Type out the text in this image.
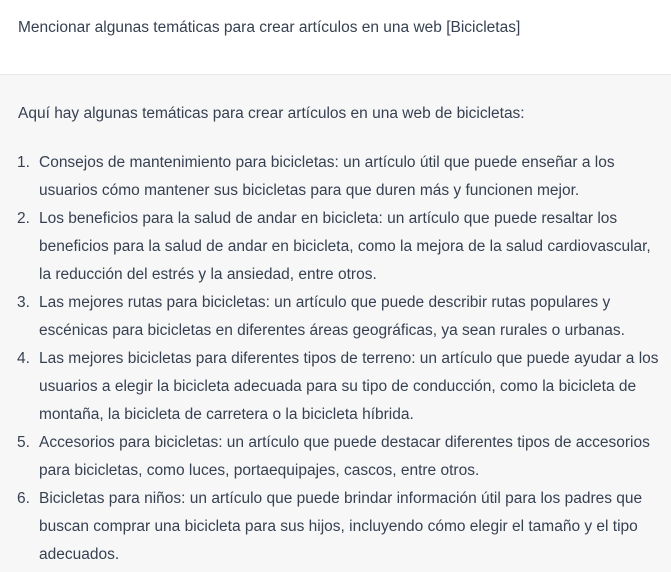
Mencionar algunas temáticas para crear artículos en una web [Bicicletas]
Aquí hay algunas temáticas para crear artículos en una web de bicicletas:
1. Consejos de mantenimiento para bicicletas: un artículo útil que puede enseñar a los usuarios cómo mantener sus bicicletas para que duren más y funcionen mejor.
2. Los beneficios para la salud de andar en bicicleta: un artículo que puede resaltar los beneficios para la salud de andar en bicicleta, como la mejora de la salud cardiovascular, la reducción del estrés y la ansiedad, entre otros.
3. Las mejores rutas para bicicletas: un artículo que puede describir rutas populares y escénicas para bicicletas en diferentes áreas geográficas, ya sean rurales o urbanas.
4. Las mejores bicicletas para diferentes tipos de terreno: un artículo que puede ayudar a los usuarios a elegir la bicicleta adecuada para su tipo de conducción, como la bicicleta de montaña, la bicicleta de carretera o la bicicleta híbrida.
5. Accesorios para bicicletas: un artículo que puede destacar diferentes tipos de accesorios para bicicletas, como luces, portaequipajes, cascos, entre otros.
6. Bicicletas para niños: un artículo que puede brindar información útil para los padres que buscan comprar una bicicleta para sus hijos, incluyendo cómo elegir el tamaño y el tipo adecuados.
